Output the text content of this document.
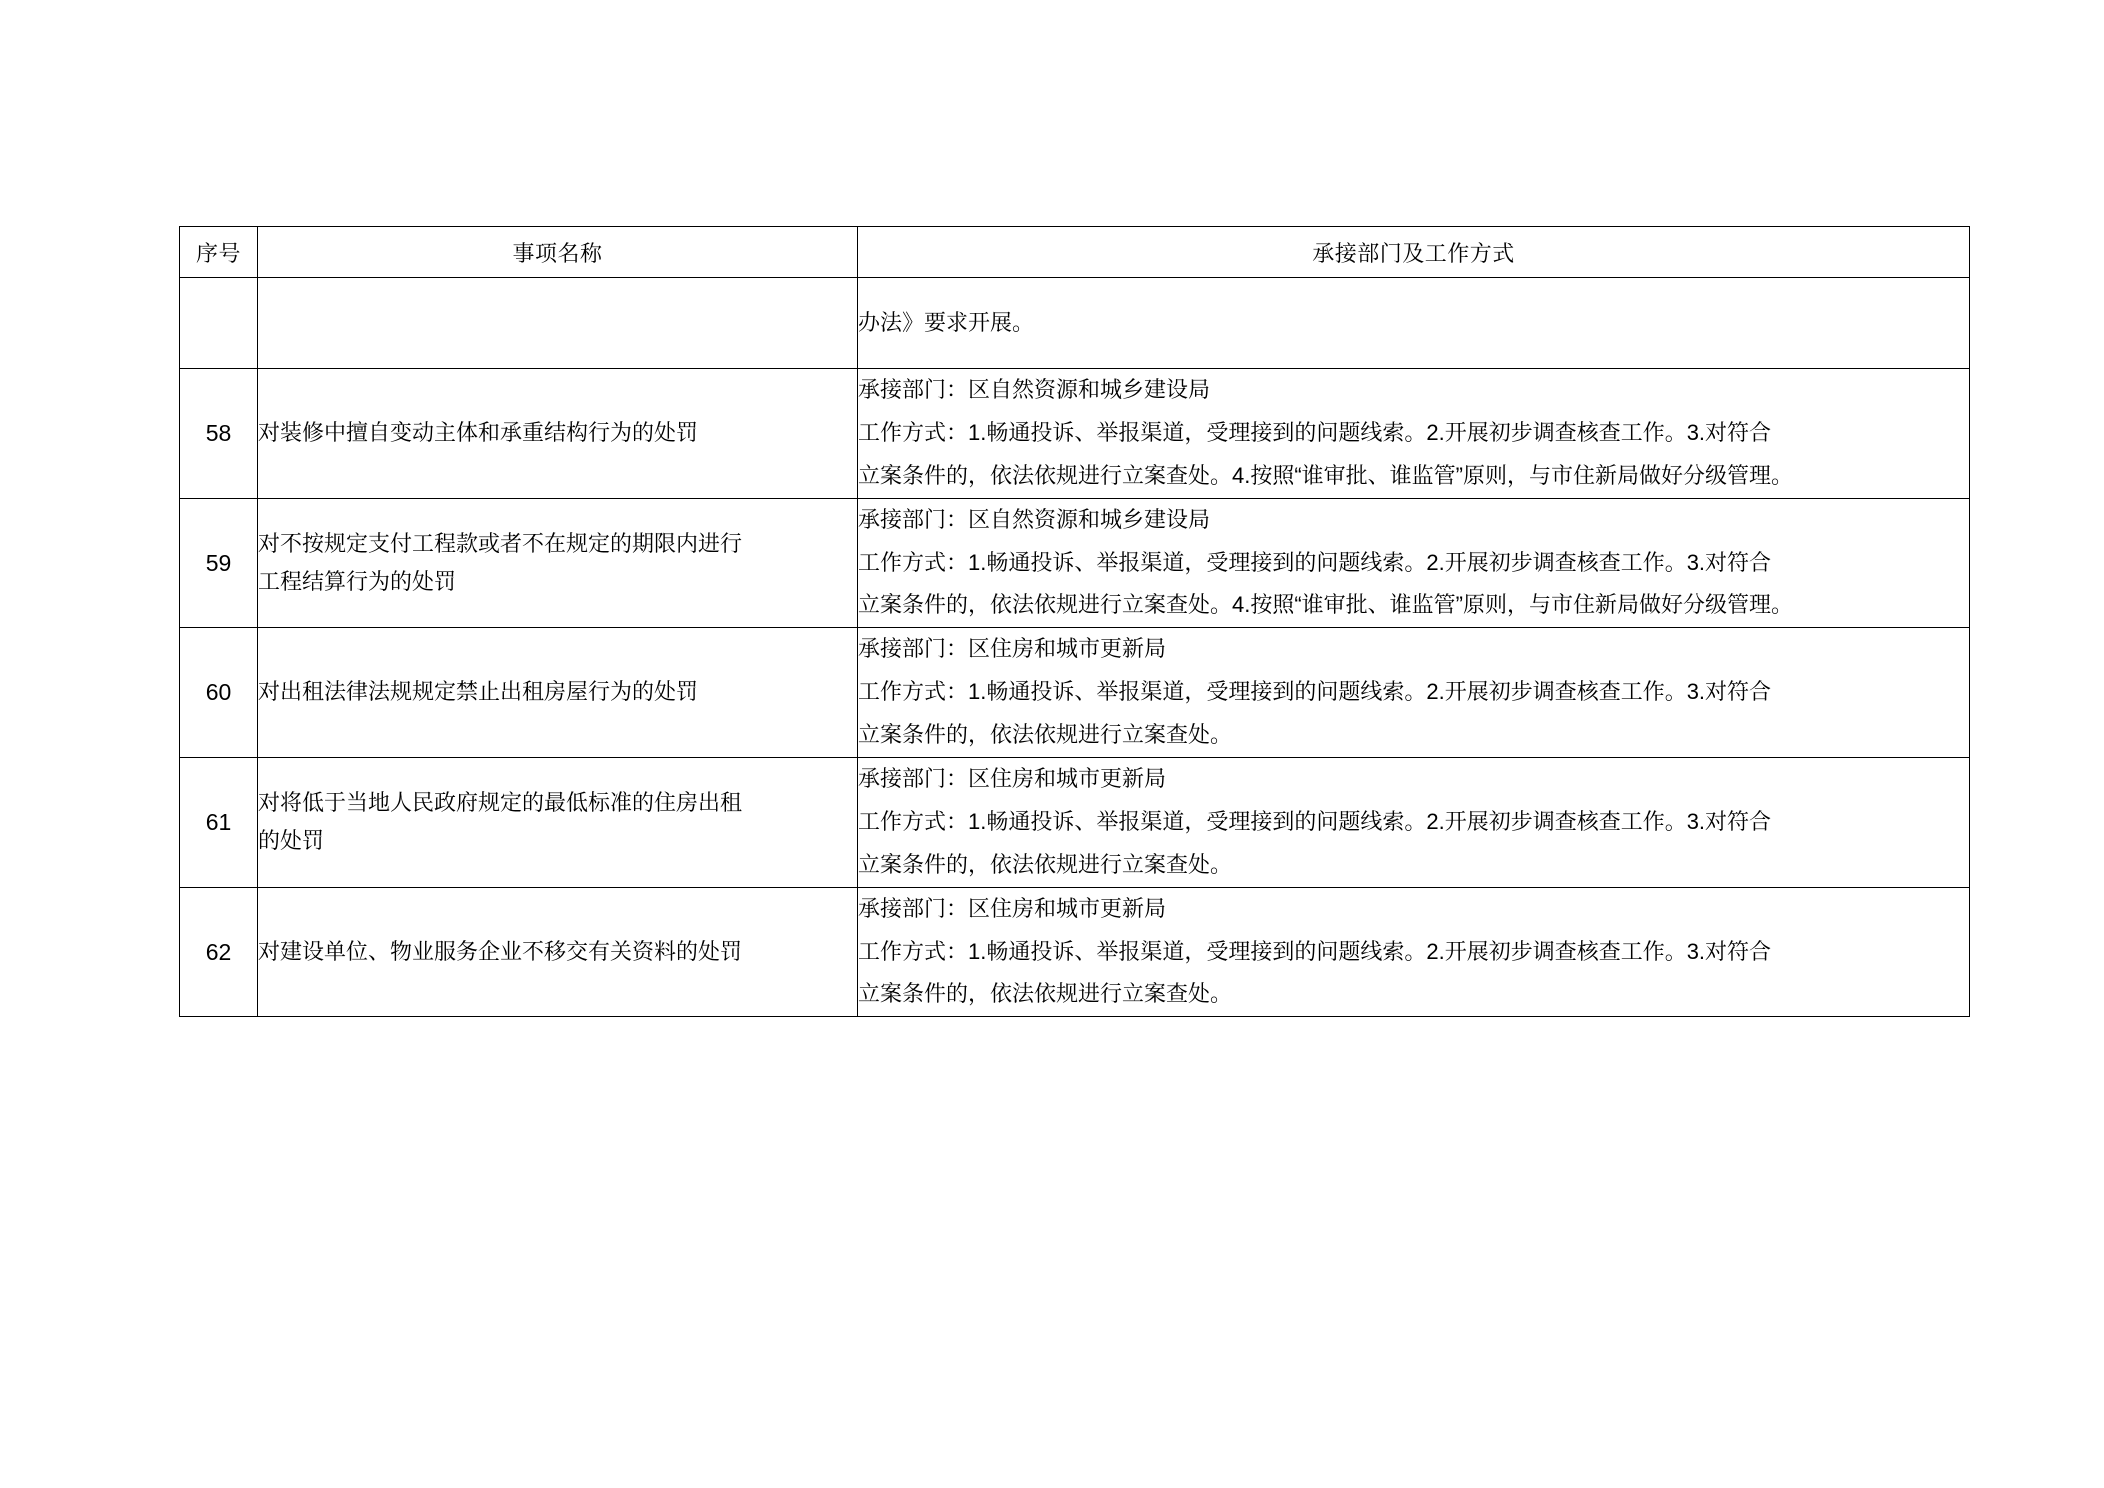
序号	事项名称	承接部门及工作方式

		办法》要求开展。

58	对装修中擅自变动主体和承重结构行为的处罚	承接部门：区自然资源和城乡建设局
工作方式：1.畅通投诉、举报渠道，受理接到的问题线索。2.开展初步调查核查工作。3.对符合
立案条件的，依法依规进行立案查处。4.按照“谁审批、谁监管”原则，与市住新局做好分级管理。

59	对不按规定支付工程款或者不在规定的期限内进行
工程结算行为的处罚	承接部门：区自然资源和城乡建设局
工作方式：1.畅通投诉、举报渠道，受理接到的问题线索。2.开展初步调查核查工作。3.对符合
立案条件的，依法依规进行立案查处。4.按照“谁审批、谁监管”原则，与市住新局做好分级管理。

60	对出租法律法规规定禁止出租房屋行为的处罚	承接部门：区住房和城市更新局
工作方式：1.畅通投诉、举报渠道，受理接到的问题线索。2.开展初步调查核查工作。3.对符合
立案条件的，依法依规进行立案查处。

61	对将低于当地人民政府规定的最低标准的住房出租
的处罚	承接部门：区住房和城市更新局
工作方式：1.畅通投诉、举报渠道，受理接到的问题线索。2.开展初步调查核查工作。3.对符合
立案条件的，依法依规进行立案查处。

62	对建设单位、物业服务企业不移交有关资料的处罚	承接部门：区住房和城市更新局
工作方式：1.畅通投诉、举报渠道，受理接到的问题线索。2.开展初步调查核查工作。3.对符合
立案条件的，依法依规进行立案查处。
